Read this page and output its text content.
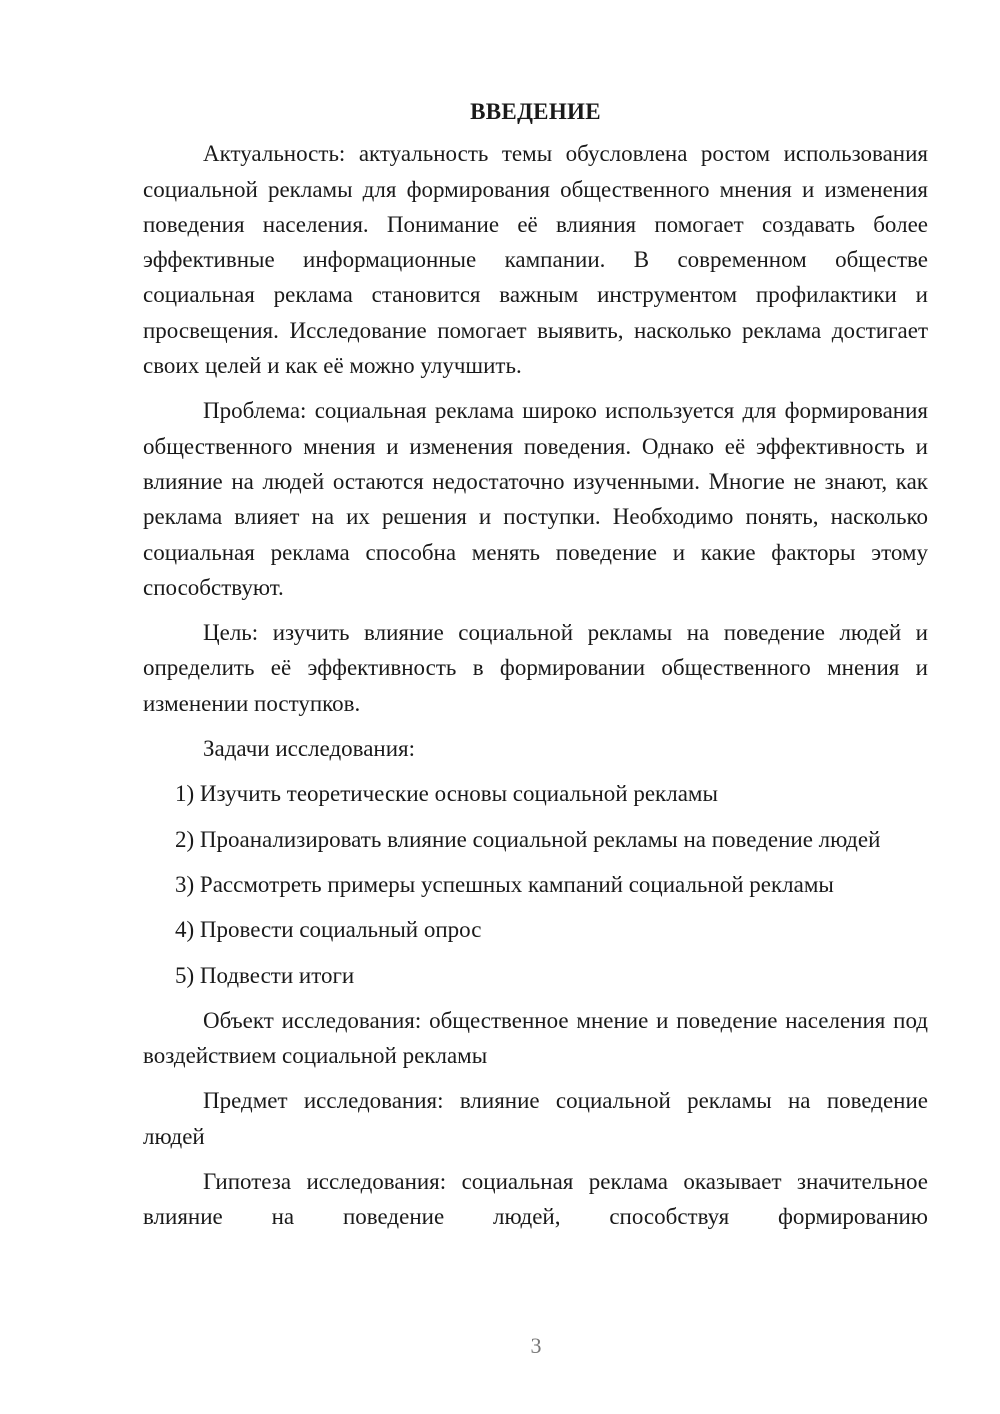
ВВЕДЕНИЕ

Актуальность: актуальность темы обусловлена ростом использования социальной рекламы для формирования общественного мнения и изменения поведения населения. Понимание её влияния помогает создавать более эффективные информационные кампании. В современном обществе социальная реклама становится важным инструментом профилактики и просвещения. Исследование помогает выявить, насколько реклама достигает своих целей и как её можно улучшить.

Проблема: социальная реклама широко используется для формирования общественного мнения и изменения поведения. Однако её эффективность и влияние на людей остаются недостаточно изученными. Многие не знают, как реклама влияет на их решения и поступки. Необходимо понять, насколько социальная реклама способна менять поведение и какие факторы этому способствуют.

Цель: изучить влияние социальной рекламы на поведение людей и определить её эффективность в формировании общественного мнения и изменении поступков.

Задачи исследования:

1) Изучить теоретические основы социальной рекламы

2) Проанализировать влияние социальной рекламы на поведение людей

3) Рассмотреть примеры успешных кампаний социальной рекламы

4) Провести социальный опрос

5) Подвести итоги

Объект исследования: общественное мнение и поведение населения под воздействием социальной рекламы

Предмет исследования: влияние социальной рекламы на поведение людей

Гипотеза исследования: социальная реклама оказывает значительное влияние на поведение людей, способствуя формированию

3
